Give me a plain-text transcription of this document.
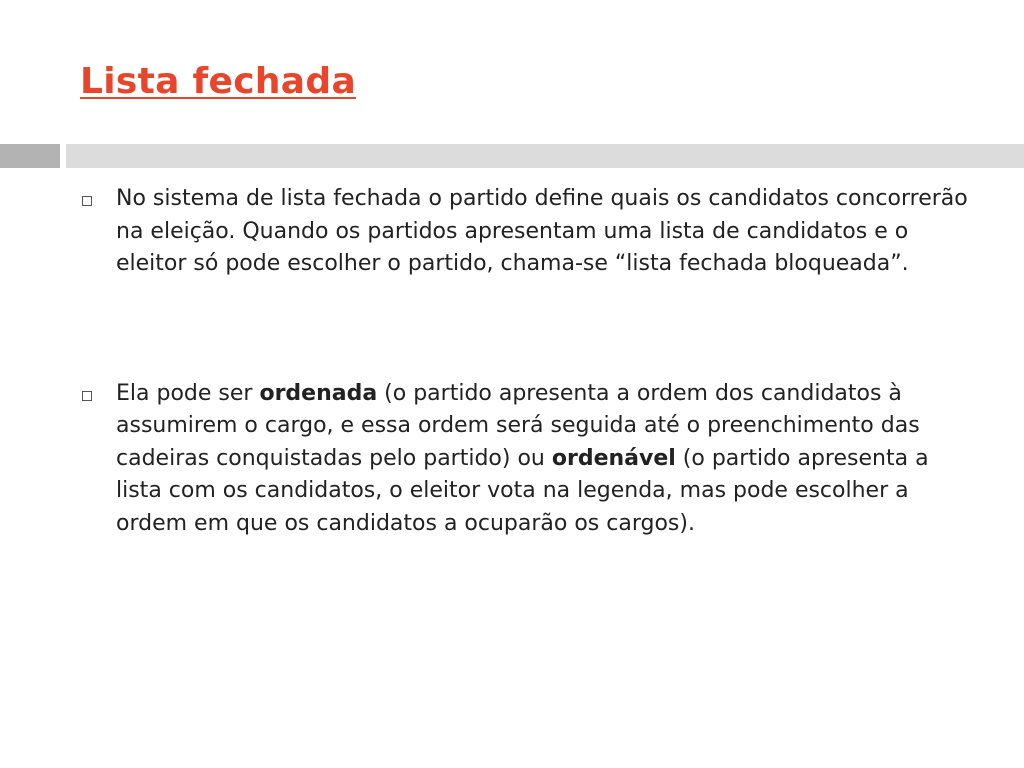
Lista fechada
No sistema de lista fechada o partido define quais os candidatos concorrerão na eleição. Quando os partidos apresentam uma lista de candidatos e o eleitor só pode escolher o partido, chama-se “lista fechada bloqueada”.
Ela pode ser ordenada (o partido apresenta a ordem dos candidatos à assumirem o cargo, e essa ordem será seguida até o preenchimento das cadeiras conquistadas pelo partido) ou ordenável (o partido apresenta a lista com os candidatos, o eleitor vota na legenda, mas pode escolher a ordem em que os candidatos a ocuparão os cargos).
